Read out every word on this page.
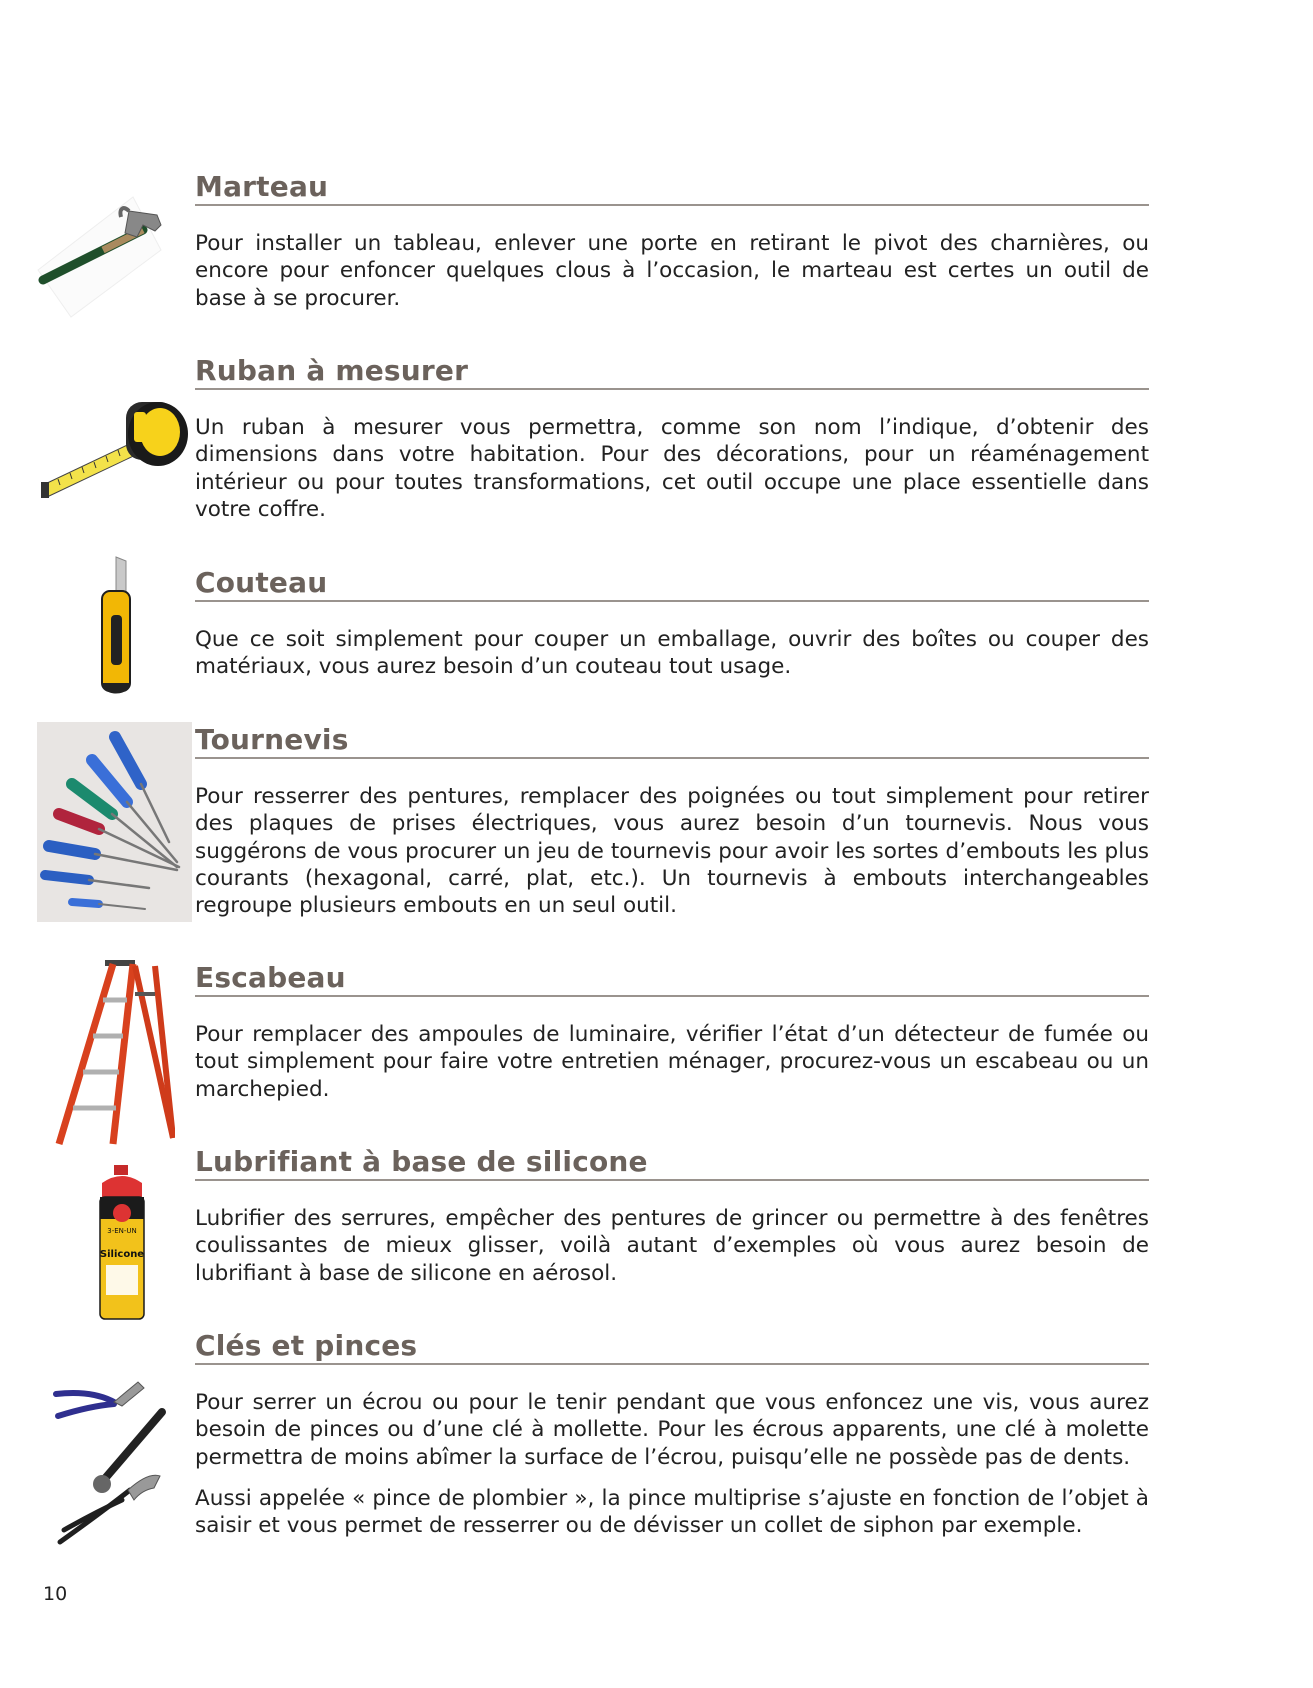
3-EN-UN
Silicone
Marteau

Pour installer un tableau, enlever une porte en retirant le pivot des charnières, ou encore pour enfoncer quelques clous à l’occasion, le marteau est certes un outil de base à se procurer.

Ruban à mesurer

Un ruban à mesurer vous permettra, comme son nom l’indique, d’obtenir des dimensions dans votre habitation. Pour des décorations, pour un réaménagement intérieur ou pour toutes transformations, cet outil occupe une place essentielle dans votre coffre.

Couteau

Que ce soit simplement pour couper un emballage, ouvrir des boîtes ou couper des matériaux, vous aurez besoin d’un couteau tout usage.

Tournevis

Pour resserrer des pentures, remplacer des poignées ou tout simplement pour retirer des plaques de prises électriques, vous aurez besoin d’un tournevis. Nous vous suggérons de vous procurer un jeu de tournevis pour avoir les sortes d’embouts les plus courants (hexagonal, carré, plat, etc.). Un tournevis à embouts interchangeables regroupe plusieurs embouts en un seul outil.

Escabeau

Pour remplacer des ampoules de luminaire, vérifier l’état d’un détecteur de fumée ou tout simplement pour faire votre entretien ménager, procurez-vous un escabeau ou un marchepied.

Lubrifiant à base de silicone

Lubrifier des serrures, empêcher des pentures de grincer ou permettre à des fenêtres coulissantes de mieux glisser, voilà autant d’exemples où vous aurez besoin de lubrifiant à base de silicone en aérosol.

Clés et pinces

Pour serrer un écrou ou pour le tenir pendant que vous enfoncez une vis, vous aurez besoin de pinces ou d’une clé à mollette. Pour les écrous apparents, une clé à molette permettra de moins abîmer la surface de l’écrou, puisqu’elle ne possède pas de dents.

Aussi appelée « pince de plombier », la pince multiprise s’ajuste en fonction de l’objet à saisir et vous permet de resserrer ou de dévisser un collet de siphon par exemple.

10
